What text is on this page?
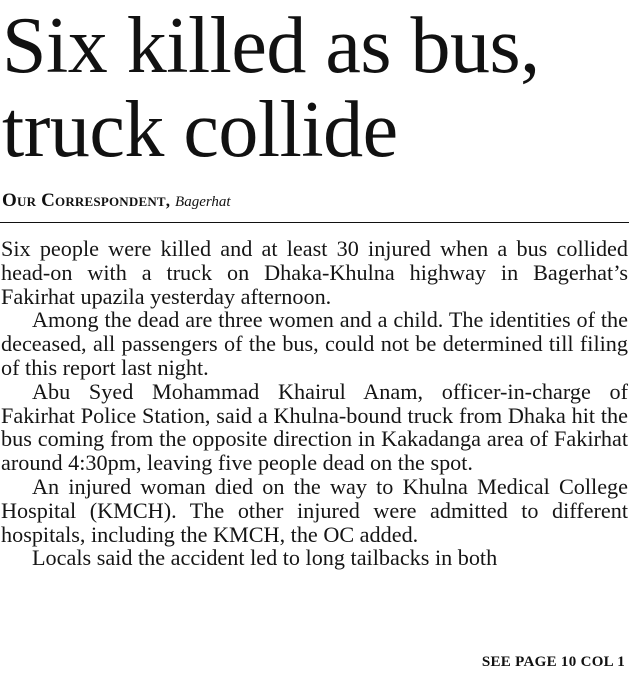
Six killed as bus,
truck collide
Our Correspondent, Bagerhat

Six people were killed and at least 30 injured when a bus collided head-on with a truck on Dhaka-Khulna highway in Bagerhat’s Fakirhat upazila yesterday afternoon.

Among the dead are three women and a child. The identities of the deceased, all passengers of the bus, could not be determined till filing of this report last night.

Abu Syed Mohammad Khairul Anam, officer-in-charge of Fakirhat Police Station, said a Khulna-bound truck from Dhaka hit the bus coming from the opposite direction in Kakadanga area of Fakirhat around 4:30pm, leaving five people dead on the spot.

An injured woman died on the way to Khulna Medical College Hospital (KMCH). The other injured were admitted to different hospitals, including the KMCH, the OC added.

Locals said the accident led to long tailbacks in both

SEE PAGE 10 COL 1
